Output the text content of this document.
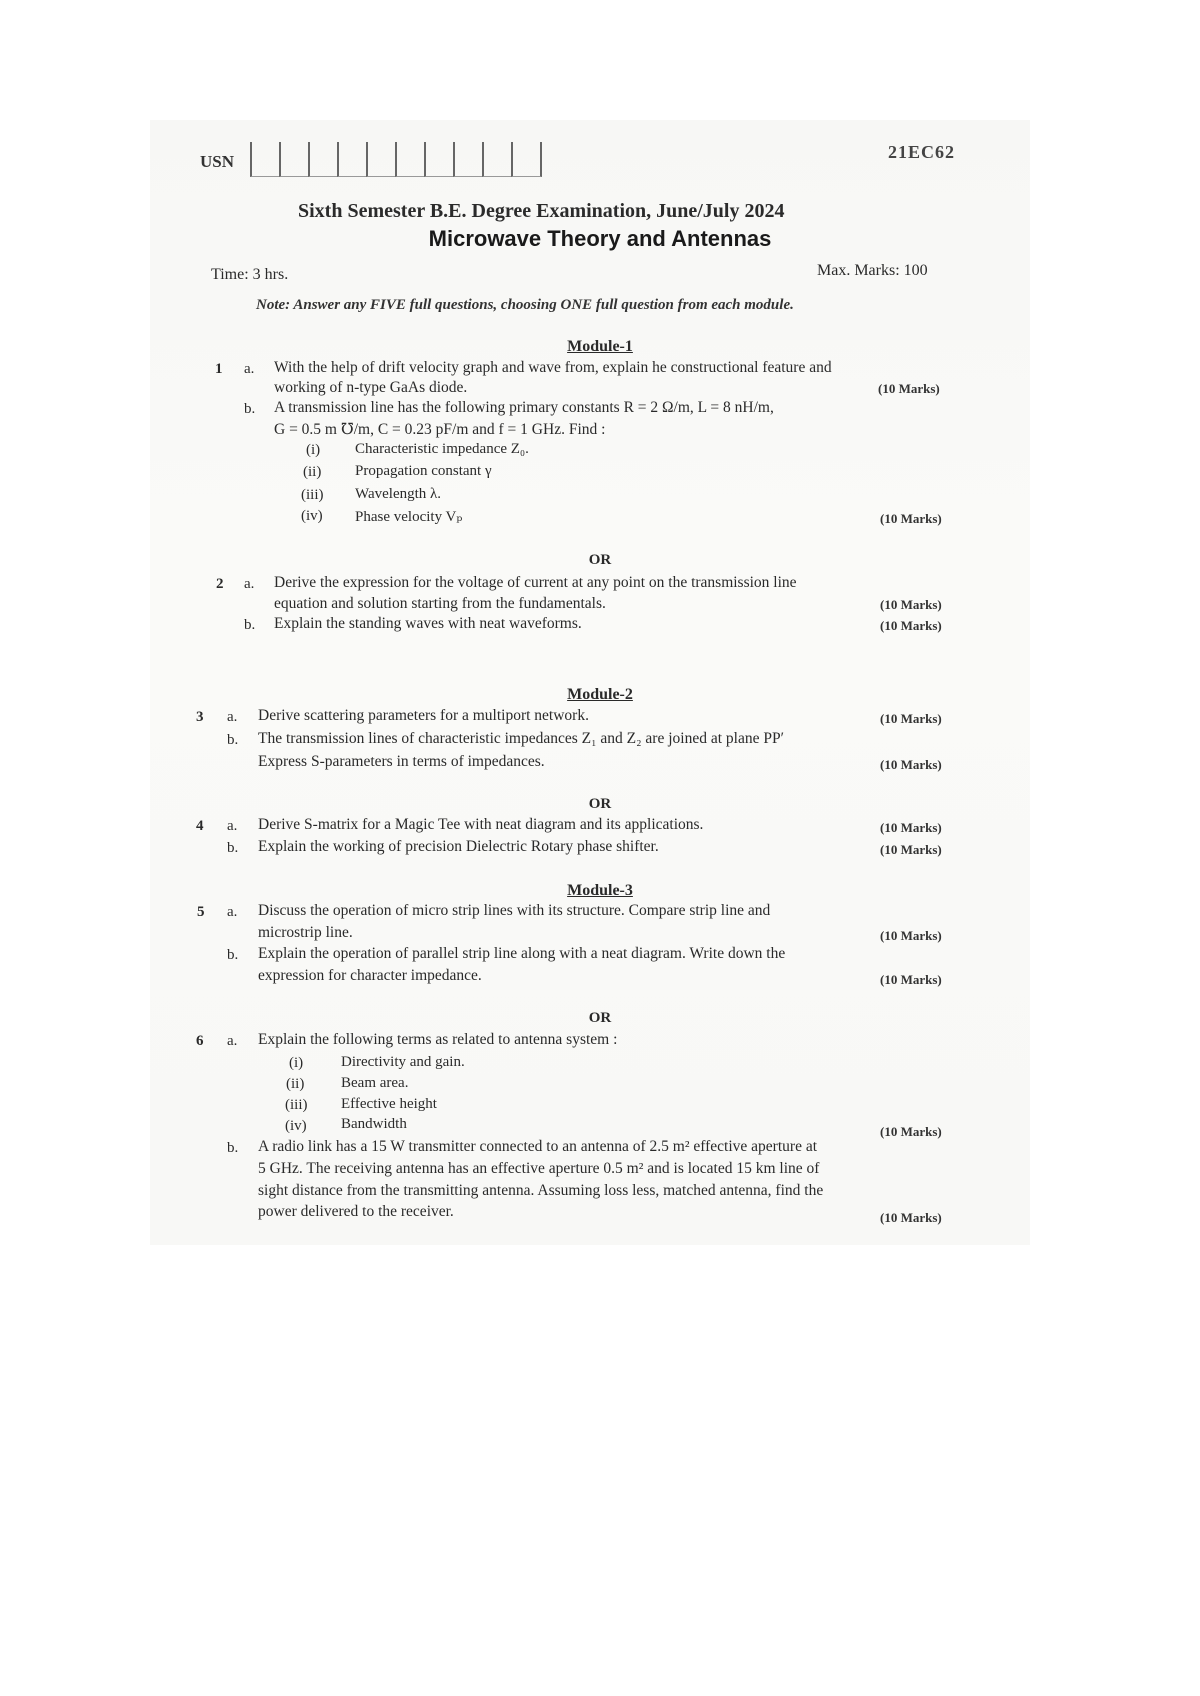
USN	21EC62
Sixth Semester B.E. Degree Examination, June/July 2024
Microwave Theory and Antennas
Time: 3 hrs.	Max. Marks: 100
Note: Answer any FIVE full questions, choosing ONE full question from each module.
Module-1
1 a. With the help of drift velocity graph and wave from, explain he constructional feature and
working of n-type GaAs diode.	(10 Marks)
b. A transmission line has the following primary constants R = 2 Ω/m, L = 8 nH/m,
G = 0.5 m ℧/m, C = 0.23 pF/m and f = 1 GHz. Find :
(i) Characteristic impedance Z₀.
(ii) Propagation constant γ
(iii) Wavelength λ.
(iv) Phase velocity Vₚ	(10 Marks)
OR
2 a. Derive the expression for the voltage of current at any point on the transmission line
equation and solution starting from the fundamentals.	(10 Marks)
b. Explain the standing waves with neat waveforms.	(10 Marks)
Module-2
3 a. Derive scattering parameters for a multiport network.	(10 Marks)
b. The transmission lines of characteristic impedances Z₁ and Z₂ are joined at plane PP′
Express S-parameters in terms of impedances.	(10 Marks)
OR
4 a. Derive S-matrix for a Magic Tee with neat diagram and its applications.	(10 Marks)
b. Explain the working of precision Dielectric Rotary phase shifter.	(10 Marks)
Module-3
5 a. Discuss the operation of micro strip lines with its structure. Compare strip line and
microstrip line.	(10 Marks)
b. Explain the operation of parallel strip line along with a neat diagram. Write down the
expression for character impedance.	(10 Marks)
OR
6 a. Explain the following terms as related to antenna system :
(i)	Directivity and gain.
(ii) Beam area.
(iii) Effective height
(iv) Bandwidth	(10 Marks)
b. A radio link has a 15 W transmitter connected to an antenna of 2.5 m² effective aperture at
5 GHz. The receiving antenna has an effective aperture 0.5 m² and is located 15 km line of
sight distance from the transmitting antenna. Assuming loss less, matched antenna, find the
power delivered to the receiver.	(10 Marks)
